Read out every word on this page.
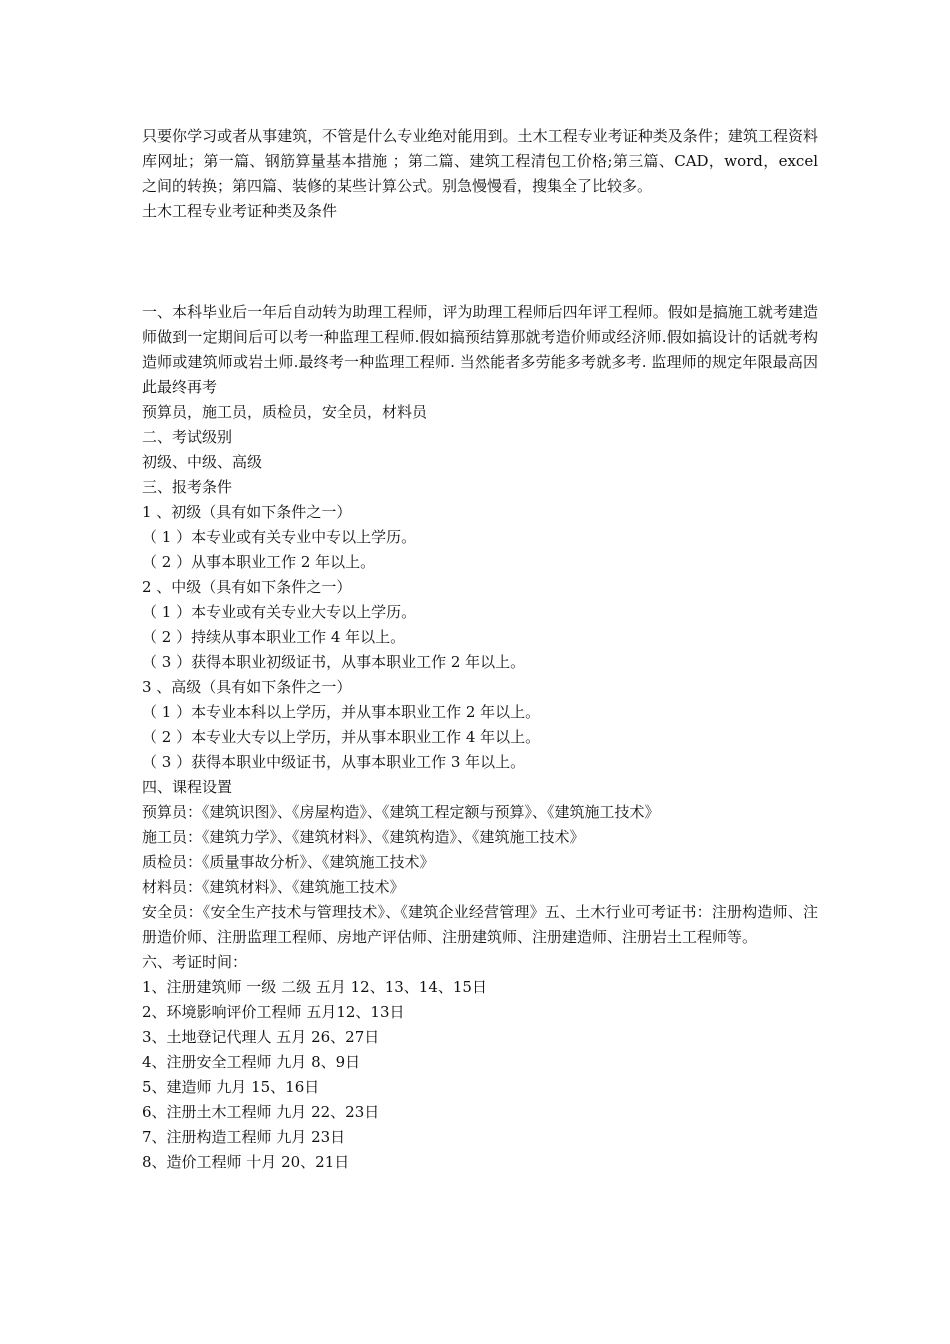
只要你学习或者从事建筑，不管是什么专业绝对能用到。土木工程专业考证种类及条件；建筑工程资料库网址；第一篇、钢筋算量基本措施 ；第二篇、建筑工程清包工价格;第三篇、CAD，word，excel之间的转换；第四篇、装修的某些计算公式。别急慢慢看，搜集全了比较多。
土木工程专业考证种类及条件
一、本科毕业后一年后自动转为助理工程师，评为助理工程师后四年评工程师。假如是搞施工就考建造师做到一定期间后可以考一种监理工程师.假如搞预结算那就考造价师或经济师.假如搞设计的话就考构造师或建筑师或岩土师.最终考一种监理工程师. 当然能者多劳能多考就多考. 监理师的规定年限最高因此最终再考
预算员，施工员，质检员，安全员，材料员
二、考试级别
初级、中级、高级
三、报考条件
1 、初级（具有如下条件之一）
（ 1 ）本专业或有关专业中专以上学历。
（ 2 ）从事本职业工作 2 年以上。
2 、中级（具有如下条件之一）
（ 1 ）本专业或有关专业大专以上学历。
（ 2 ）持续从事本职业工作 4 年以上。
（ 3 ）获得本职业初级证书，从事本职业工作 2 年以上。
3 、高级（具有如下条件之一）
（ 1 ）本专业本科以上学历，并从事本职业工作 2 年以上。
（ 2 ）本专业大专以上学历，并从事本职业工作 4 年以上。
（ 3 ）获得本职业中级证书，从事本职业工作 3 年以上。
四、课程设置
预算员：《建筑识图》、《房屋构造》、《建筑工程定额与预算》、《建筑施工技术》
施工员：《建筑力学》、《建筑材料》、《建筑构造》、《建筑施工技术》
质检员：《质量事故分析》、《建筑施工技术》
材料员：《建筑材料》、《建筑施工技术》
安全员：《安全生产技术与管理技术》、《建筑企业经营管理》五、土木行业可考证书：注册构造师、注册造价师、注册监理工程师、房地产评估师、注册建筑师、注册建造师、注册岩土工程师等。
六、考证时间：
1、注册建筑师 一级 二级 五月 12、13、14、15日
2、环境影响评价工程师 五月12、13日
3、土地登记代理人 五月 26、27日
4、注册安全工程师 九月 8、9日
5、建造师 九月 15、16日
6、注册土木工程师 九月 22、23日
7、注册构造工程师 九月 23日
8、造价工程师 十月 20、21日
